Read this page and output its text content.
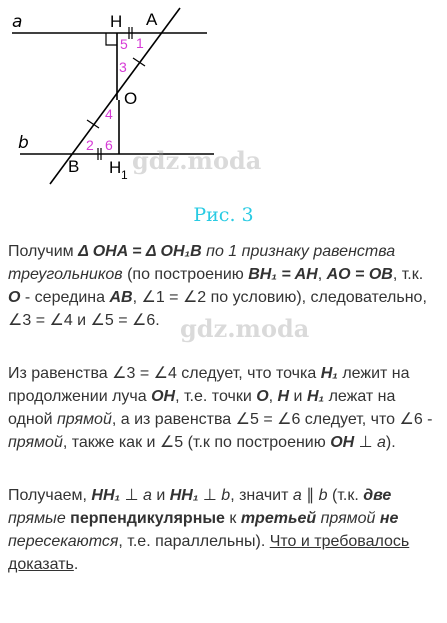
a
b
H A
O
B H 1
5 1
3
4
2 6
gdz.moda
Рис. 3
Получим Δ OHA = Δ OH₁B по 1 признаку равенства треугольников (по построению BH₁ = AH, AO = OB, т.к. O - середина AB, ∠1 = ∠2 по условию), следовательно, ∠3 = ∠4 и ∠5 = ∠6. gdz.moda
Из равенства ∠3 = ∠4 следует, что точка H₁ лежит на продолжении луча OH, т.е. точки O, H и H₁ лежат на одной прямой, а из равенства ∠5 = ∠6 следует, что ∠6 - прямой, также как и ∠5 (т.к по построению OH ⊥ a).
Получаем, HH₁ ⊥ a и HH₁ ⊥ b, значит a ∥ b (т.к. две прямые перпендикулярные к третьей прямой не пересекаются, т.е. параллельны). Что и требовалось доказать.
